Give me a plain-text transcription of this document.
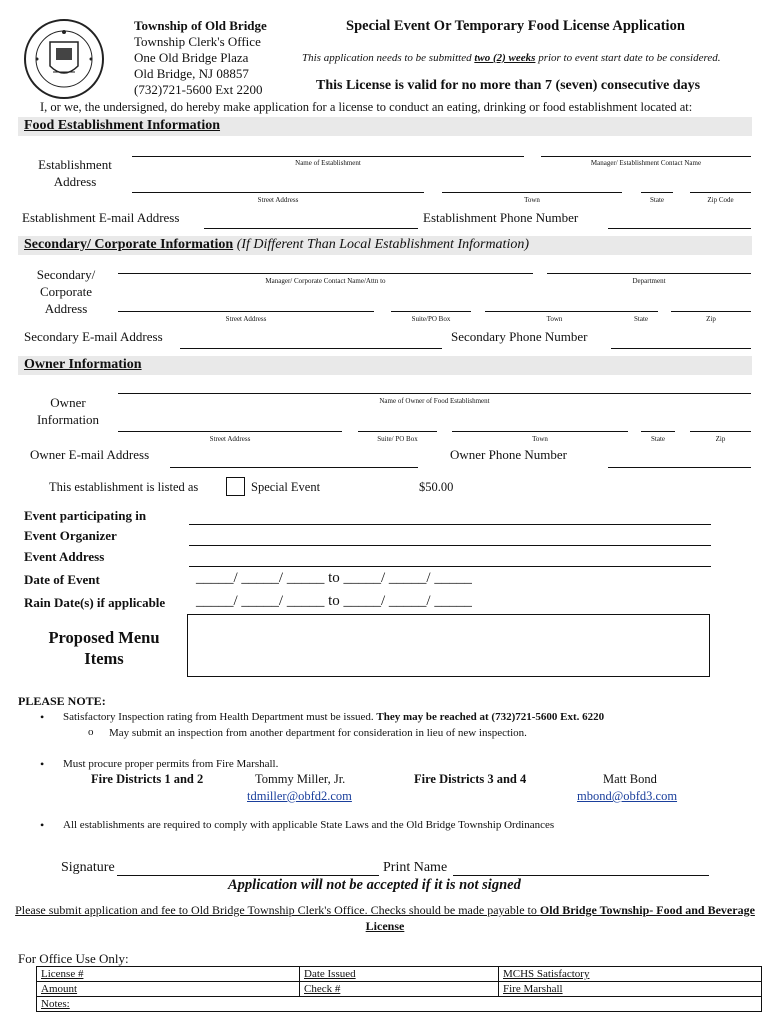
Township of Old Bridge
Township Clerk's Office
One Old Bridge Plaza
Old Bridge, NJ 08857
(732)721-5600 Ext 2200
Special Event Or Temporary Food License Application
This application needs to be submitted two (2) weeks prior to event start date to be considered.
This License is valid for no more than 7 (seven) consecutive days
I, or we, the undersigned, do hereby make application for a license to conduct an eating, drinking or food establishment located at:
Food Establishment Information
Establishment Address
Name of Establishment	Manager/ Establishment Contact Name
Street Address	Town	State	Zip Code
Establishment E-mail Address	Establishment Phone Number
Secondary/ Corporate Information (If Different Than Local Establishment Information)
Secondary/ Corporate Address
Manager/ Corporate Contact Name/Attn to	Department
Street Address	Suite/PO Box	Town	State	Zip
Secondary E-mail Address	Secondary Phone Number
Owner Information
Owner Information
Name of Owner of Food Establishment
Street Address	Suite/ PO Box	Town	State	Zip
Owner E-mail Address	Owner Phone Number
This establishment is listed as	Special Event	$50.00
Event participating in
Event Organizer
Event Address
Date of Event	_____/ _____/ _____ to _____/ _____/ _____
Rain Date(s) if applicable _____/ _____/ _____ to _____/ _____/ _____
Proposed Menu Items
PLEASE NOTE:
• Satisfactory Inspection rating from Health Department must be issued. They may be reached at (732)721-5600 Ext. 6220
o May submit an inspection from another department for consideration in lieu of new inspection.
• Must procure proper permits from Fire Marshall.
Fire Districts 1 and 2	Tommy Miller, Jr.
tdmiller@obfd2.com
Fire Districts 3 and 4	Matt Bond
mbond@obfd3.com
• All establishments are required to comply with applicable State Laws and the Old Bridge Township Ordinances
Signature	Print Name
Application will not be accepted if it is not signed
Please submit application and fee to Old Bridge Township Clerk's Office. Checks should be made payable to Old Bridge Township- Food and Beverage License
For Office Use Only:
License #	Date Issued	MCHS Satisfactory
Amount	Check #	Fire Marshall
Notes:		
